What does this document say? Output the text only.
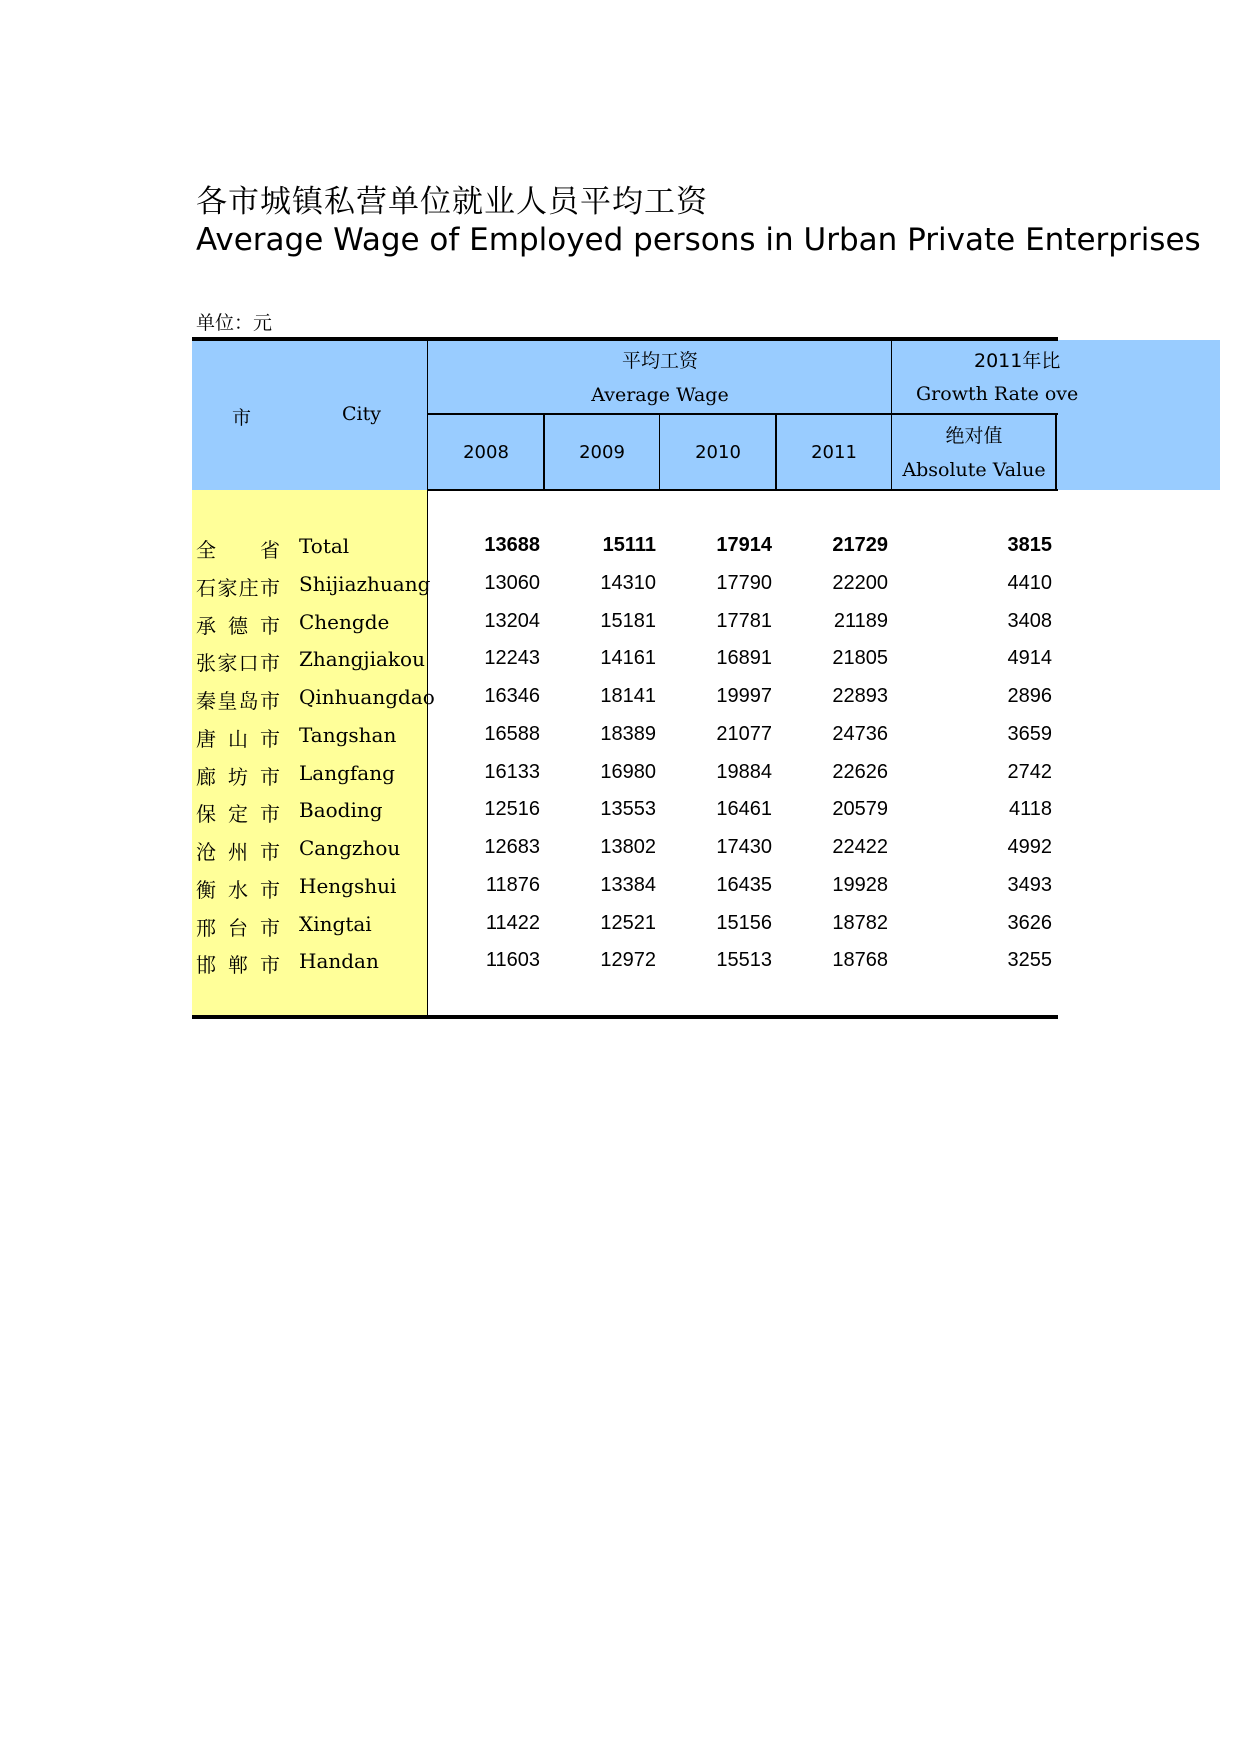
各市城镇私营单位就业人员平均工资
Average Wage of Employed persons in Urban Private Enterprises
单位：元
市	City
平均工资
Average Wage
2008	2009	2010	2011
2011年比
Growth Rate ove
绝对值
Absolute Value
全　省 Total	13688	15111	17914	21729	3815
石家庄市 Shijiazhuang	13060	14310	17790	22200	4410
承德市 Chengde	13204	15181	17781	21189	3408
张家口市 Zhangjiakou	12243	14161	16891	21805	4914
秦皇岛市 Qinhuangdao	16346	18141	19997	22893	2896
唐山市 Tangshan	16588	18389	21077	24736	3659
廊坊市 Langfang	16133	16980	19884	22626	2742
保定市 Baoding	12516	13553	16461	20579	4118
沧州市 Cangzhou	12683	13802	17430	22422	4992
衡水市 Hengshui	11876	13384	16435	19928	3493
邢台市 Xingtai	11422	12521	15156	18782	3626
邯郸市 Handan	11603	12972	15513	18768	3255
